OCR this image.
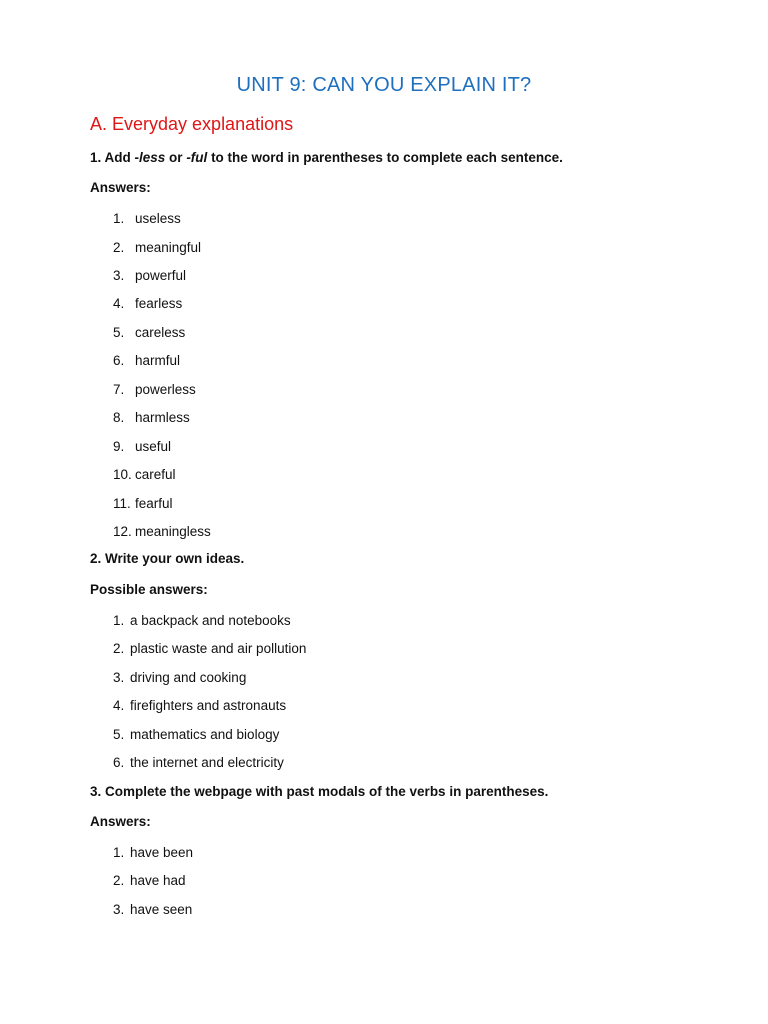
UNIT 9: CAN YOU EXPLAIN IT?
A. Everyday explanations
1. Add -less or -ful to the word in parentheses to complete each sentence.
Answers:
1. useless
2. meaningful
3. powerful
4. fearless
5. careless
6. harmful
7. powerless
8. harmless
9. useful
10. careful
11. fearful
12. meaningless
2. Write your own ideas.
Possible answers:
1. a backpack and notebooks
2. plastic waste and air pollution
3. driving and cooking
4. firefighters and astronauts
5. mathematics and biology
6. the internet and electricity
3. Complete the webpage with past modals of the verbs in parentheses.
Answers:
1. have been
2. have had
3. have seen
